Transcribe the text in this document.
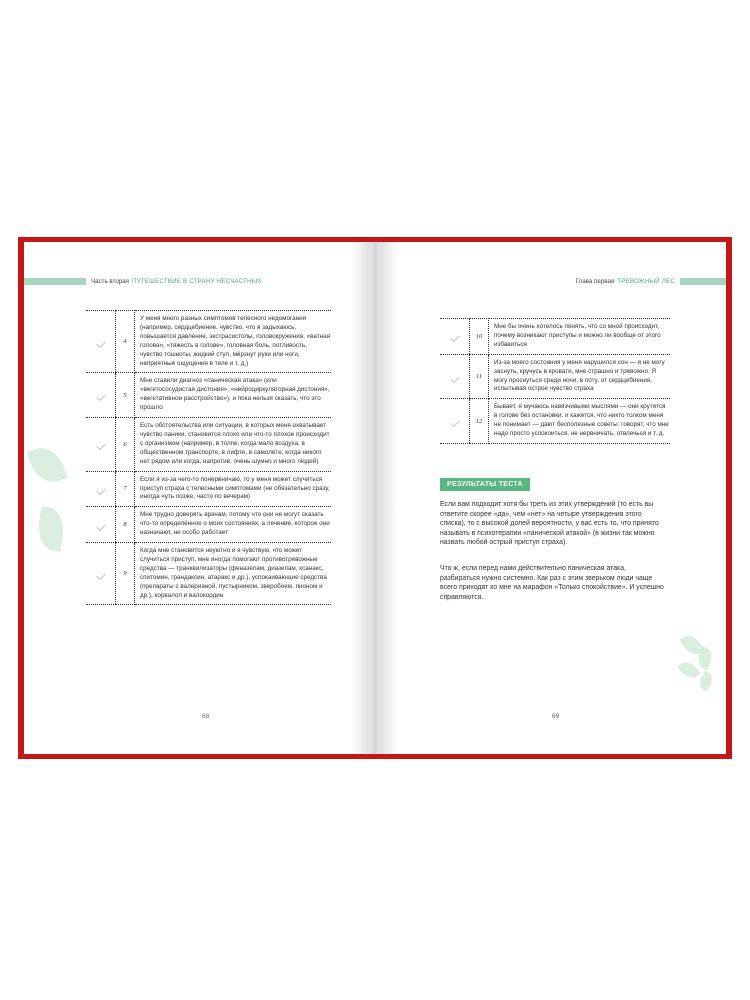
Часть вторая ПУТЕШЕСТВИЕ В СТРАНУ НЕСЧАСТНЫХ
	4	У меня много разных симптомов телесного недомогания (например, сердцебиение, чувство, что я задыхаюсь, повышается давление, экстрасистолы, головокружения, «ватная голова», «тяжесть в голове», головная боль, потливость, чувство тошноты, жидкий стул, мёрзнут руки или ноги, неприятные ощущения в теле и т. д.)
	5	Мне ставили диагноз «паническая атака» (или «вегетососудистая дистония», «нейроциркуляторная дистония», «вегетативное расстройство»), и пока нельзя сказать, что это прошло
	6	Есть обстоятельства или ситуации, в которых меня охватывает чувство паники, становится плохо или что-то плохое происходит с организмом (например, в толпе, когда мало воздуха, в общественном транспорте, в лифте, в самолёте, когда никого нет рядом или когда, напротив, очень шумно и много людей)
	7	Если я из-за чего-то понервничаю, то у меня может случиться приступ страха с телесными симптомами (не обязательно сразу, иногда чуть позже, часто по вечерам)
	8	Мне трудно доверять врачам, потому что они не могут сказать что-то определённое о моих состояниях, а лечение, которое они назначают, не особо работает
	9	Когда мне становится неуютно и я чувствую, что может случиться приступ, мне иногда помогают противотревожные средства — транквилизаторы (феназепам, диазепам, ксанакс, спитомин, грандаксин, атаракс и др.), успокаивающие средства (препараты с валерианой, пустырником, зверобоем, пионом и др.), корвалол и валокордин
68
Глава первая ТРЕВОЖНЫЙ ЛЕС
	10	Мне бы очень хотелось понять, что со мной происходит, почему возникают приступы и можно ли вообще от этого избавиться
	11	Из-за моего состояния у меня нарушился сон — я не могу заснуть, кручусь в кровати, мне страшно и тревожно. Я могу проснуться среди ночи, в поту, от сердцебиения, испытывая острое чувство страха
	12	Бывает, я мучаюсь навязчивыми мыслями — они крутятся в голове без остановки, и кажется, что никто толком меня не понимает — дают бесполезные советы: говорят, что мне надо просто успокоиться, не нервничать, отвлечься и т. д.
РЕЗУЛЬТАТЫ ТЕСТА

Если вам подходит хотя бы треть из этих утверждений (то есть вы ответите скорее «да», чем «нет» на четыре утверждения этого списка), то с высокой долей вероятности, у вас есть то, что принято называть в психотерапии «панической атакой» (в жизни так можно назвать любой острый приступ страха).

Что ж, если перед нами действительно паническая атака, разбираться нужно системно. Как раз с этим зверьком люди чаще всего приходят ко мне на марафон «Только спокойствие». И успешно справляются.

69
